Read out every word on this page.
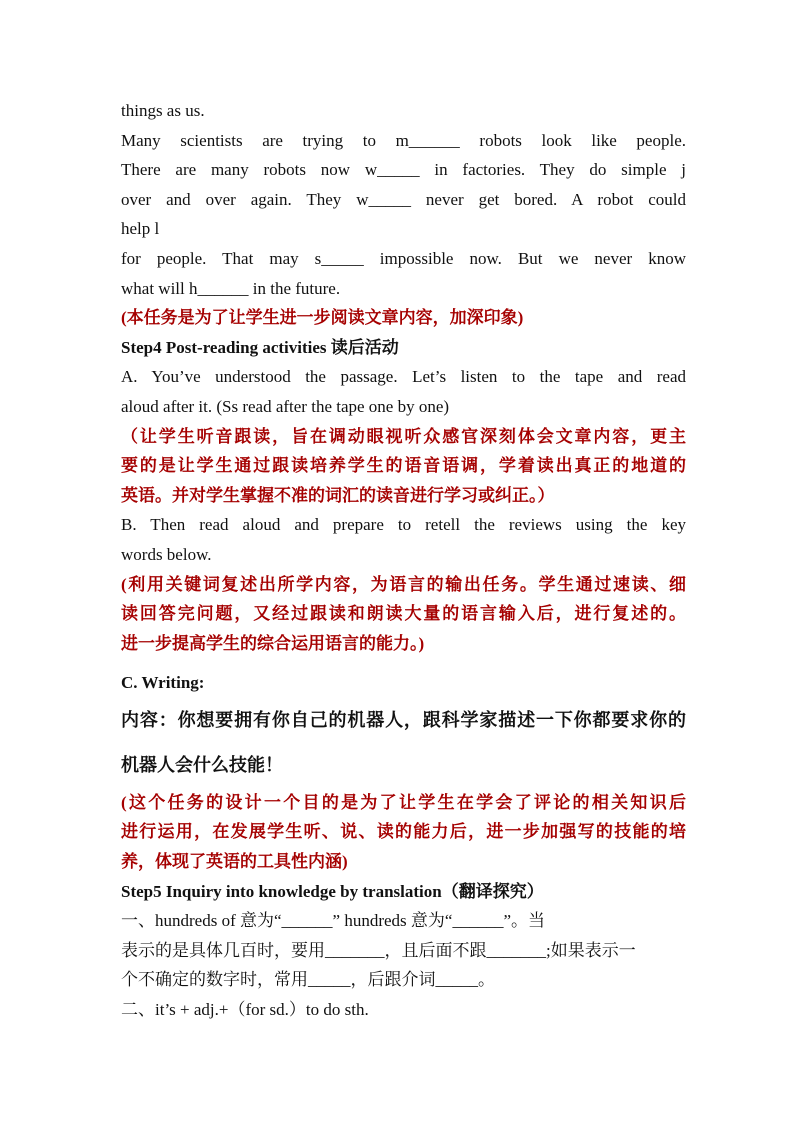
things as us.
Many scientists are trying to m______ robots look like people.
There are many robots now w_____ in factories. They do simple j
over and over again. They w_____ never get bored. A robot could
help l
for people. That may s_____ impossible now. But we never know
what will h______ in the future.
(本任务是为了让学生进一步阅读文章内容，加深印象)
Step4 Post-reading activities 读后活动
A. You’ve understood the passage. Let’s listen to the tape and read
aloud after it. (Ss read after the tape one by one)
（让学生听音跟读，旨在调动眼视听众感官深刻体会文章内容，更主
要的是让学生通过跟读培养学生的语音语调，学着读出真正的地道的
英语。并对学生掌握不准的词汇的读音进行学习或纠正。）
B. Then read aloud and prepare to retell the reviews using the key
words below.
(利用关键词复述出所学内容，为语言的输出任务。学生通过速读、细
读回答完问题，又经过跟读和朗读大量的语言输入后，进行复述的。
进一步提高学生的综合运用语言的能力。)
C. Writing:
内容：你想要拥有你自己的机器人，跟科学家描述一下你都要求你的
机器人会什么技能！
(这个任务的设计一个目的是为了让学生在学会了评论的相关知识后
进行运用，在发展学生听、说、读的能力后，进一步加强写的技能的培
养，体现了英语的工具性内涵)
Step5 Inquiry into knowledge by translation（翻译探究）
一、hundreds of 意为“______” hundreds 意为“______”。当
表示的是具体几百时，要用_______，且后面不跟_______;如果表示一
个不确定的数字时，常用_____，后跟介词_____。
二、it’s + adj.+（for sd.）to do sth.
